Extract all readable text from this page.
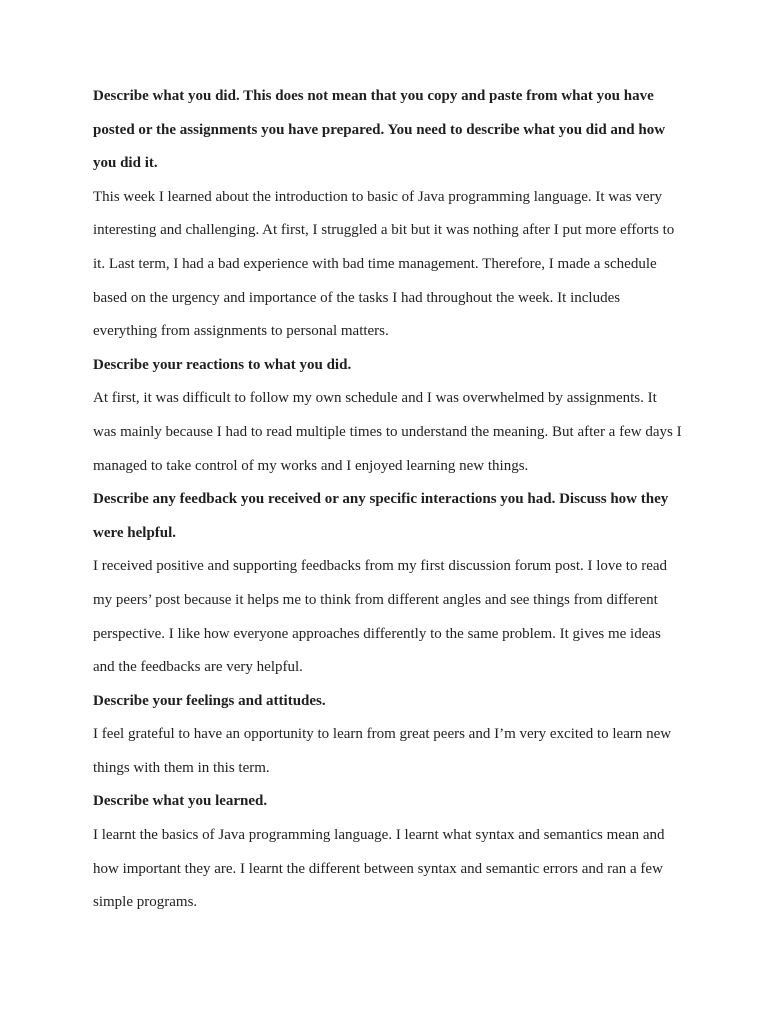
Describe what you did. This does not mean that you copy and paste from what you have posted or the assignments you have prepared. You need to describe what you did and how you did it.

This week I learned about the introduction to basic of Java programming language. It was very interesting and challenging. At first, I struggled a bit but it was nothing after I put more efforts to it. Last term, I had a bad experience with bad time management. Therefore, I made a schedule based on the urgency and importance of the tasks I had throughout the week. It includes everything from assignments to personal matters.

Describe your reactions to what you did.

At first, it was difficult to follow my own schedule and I was overwhelmed by assignments. It was mainly because I had to read multiple times to understand the meaning. But after a few days I managed to take control of my works and I enjoyed learning new things.

Describe any feedback you received or any specific interactions you had. Discuss how they were helpful.

I received positive and supporting feedbacks from my first discussion forum post. I love to read my peers’ post because it helps me to think from different angles and see things from different perspective. I like how everyone approaches differently to the same problem. It gives me ideas and the feedbacks are very helpful.

Describe your feelings and attitudes.

I feel grateful to have an opportunity to learn from great peers and I’m very excited to learn new things with them in this term.

Describe what you learned.

I learnt the basics of Java programming language. I learnt what syntax and semantics mean and how important they are. I learnt the different between syntax and semantic errors and ran a few simple programs.
